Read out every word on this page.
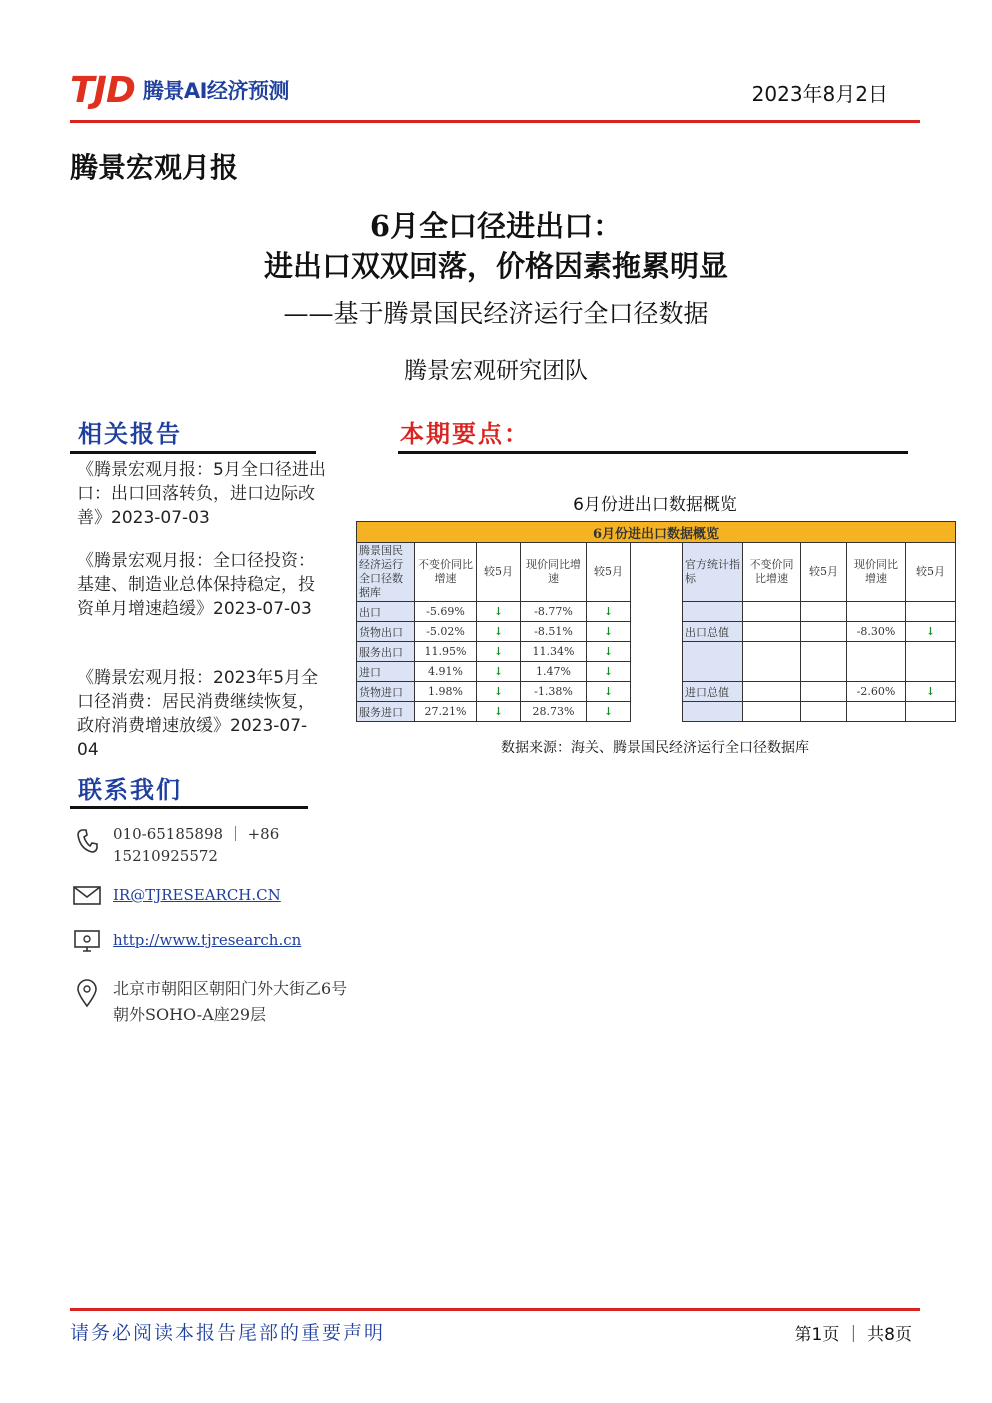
TJD 腾景AI经济预测	2023年8月2日
腾景宏观月报
6月全口径进出口：
进出口双双回落，价格因素拖累明显
——基于腾景国民经济运行全口径数据
腾景宏观研究团队
相关报告
《腾景宏观月报：5月全口径进出口：出口回落转负，进口边际改善》2023-07-03
《腾景宏观月报：全口径投资：基建、制造业总体保持稳定，投资单月增速趋缓》2023-07-03
《腾景宏观月报：2023年5月全口径消费：居民消费继续恢复，政府消费增速放缓》2023-07-04
联系我们
010-65185898 ｜ +86 15210925572
IR@TJRESEARCH.CN
http://www.tjresearch.cn
北京市朝阳区朝阳门外大街乙6号朝外SOHO-A座29层
本期要点：
6月份进出口数据概览
6月份进出口数据概览										
腾景国民经济运行全口径数据库	不变价同比增速	较5月	现价同比增速	较5月		官方统计指标	不变价同比增速	较5月	现价同比增速	较5月
出口	-5.69%	↓	-8.77%	↓						
货物出口	-5.02%	↓	-8.51%	↓		出口总值			-8.30%	↓
服务出口	11.95%	↓	11.34%	↓						
进口	4.91%	↓	1.47%	↓						
货物进口	1.98%	↓	-1.38%	↓		进口总值			-2.60%	↓
服务进口	27.21%	↓	28.73%	↓						
数据来源：海关、腾景国民经济运行全口径数据库
请务必阅读本报告尾部的重要声明	第1页 ｜ 共8页
